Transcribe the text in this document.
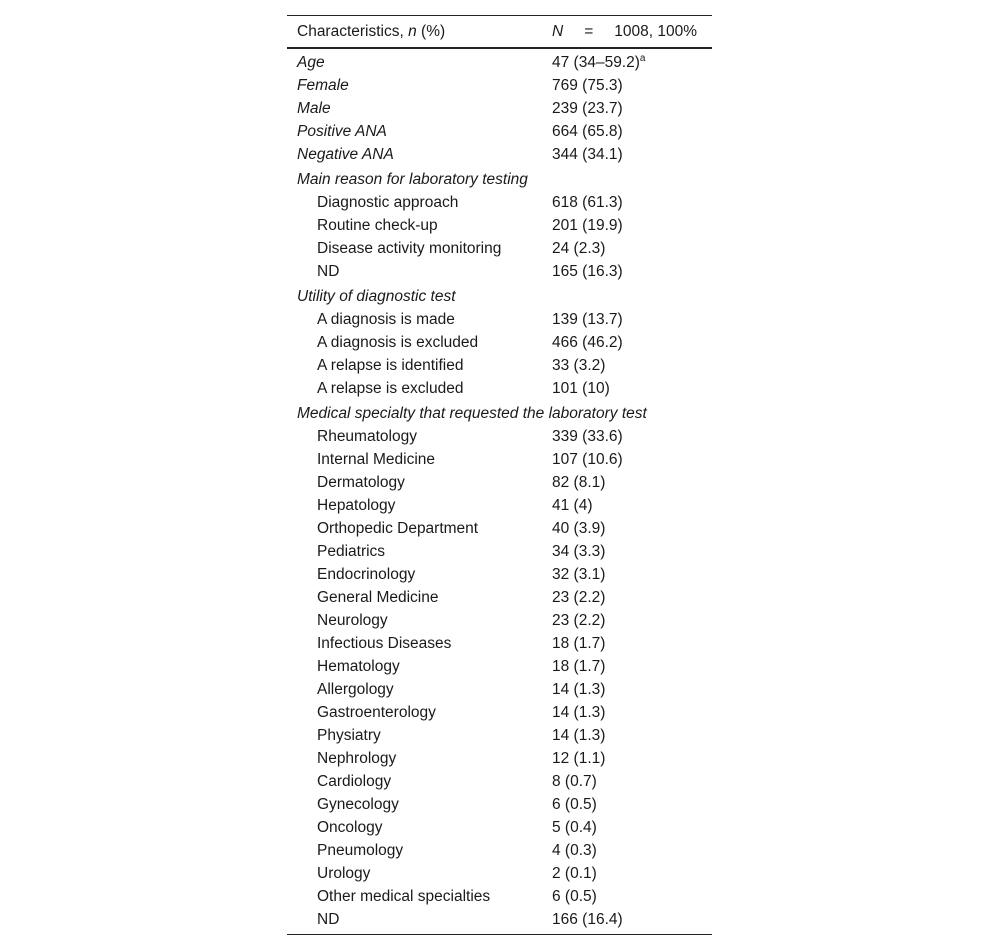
Characteristics, n (%)	N = 1008, 100%
Age	47 $(34-59.2)^a$
Female	769 (75.3)
Male	239 (23.7)
Positive ANA	664 (65.8)
Negative ANA	344 (34.1)
Main reason for laboratory testing
Diagnostic approach	618 (61.3)
Routine check-up	201 (19.9)
Disease activity monitoring	24 (2.3)
ND	165 (16.3)
Utility of diagnostic test
A diagnosis is made	139 (13.7)
A diagnosis is excluded	466 (46.2)
A relapse is identified	33 (3.2)
A relapse is excluded	101 (10)
Medical specialty that requested the laboratory test
Rheumatology	339 (33.6)
Internal Medicine	107 (10.6)
Dermatology	82 (8.1)
Hepatology	41 (4)
Orthopedic Department	40 (3.9)
Pediatrics	34 (3.3)
Endocrinology	32 (3.1)
General Medicine	23 (2.2)
Neurology	23 (2.2)
Infectious Diseases	18 (1.7)
Hematology	18 (1.7)
Allergology	14 (1.3)
Gastroenterology	14 (1.3)
Physiatry	14 (1.3)
Nephrology	12 (1.1)
Cardiology	8 (0.7)
Gynecology	6 (0.5)
Oncology	5 (0.4)
Pneumology	4 (0.3)
Urology	2 (0.1)
Other medical specialties	6 (0.5)
ND	166 (16.4)
